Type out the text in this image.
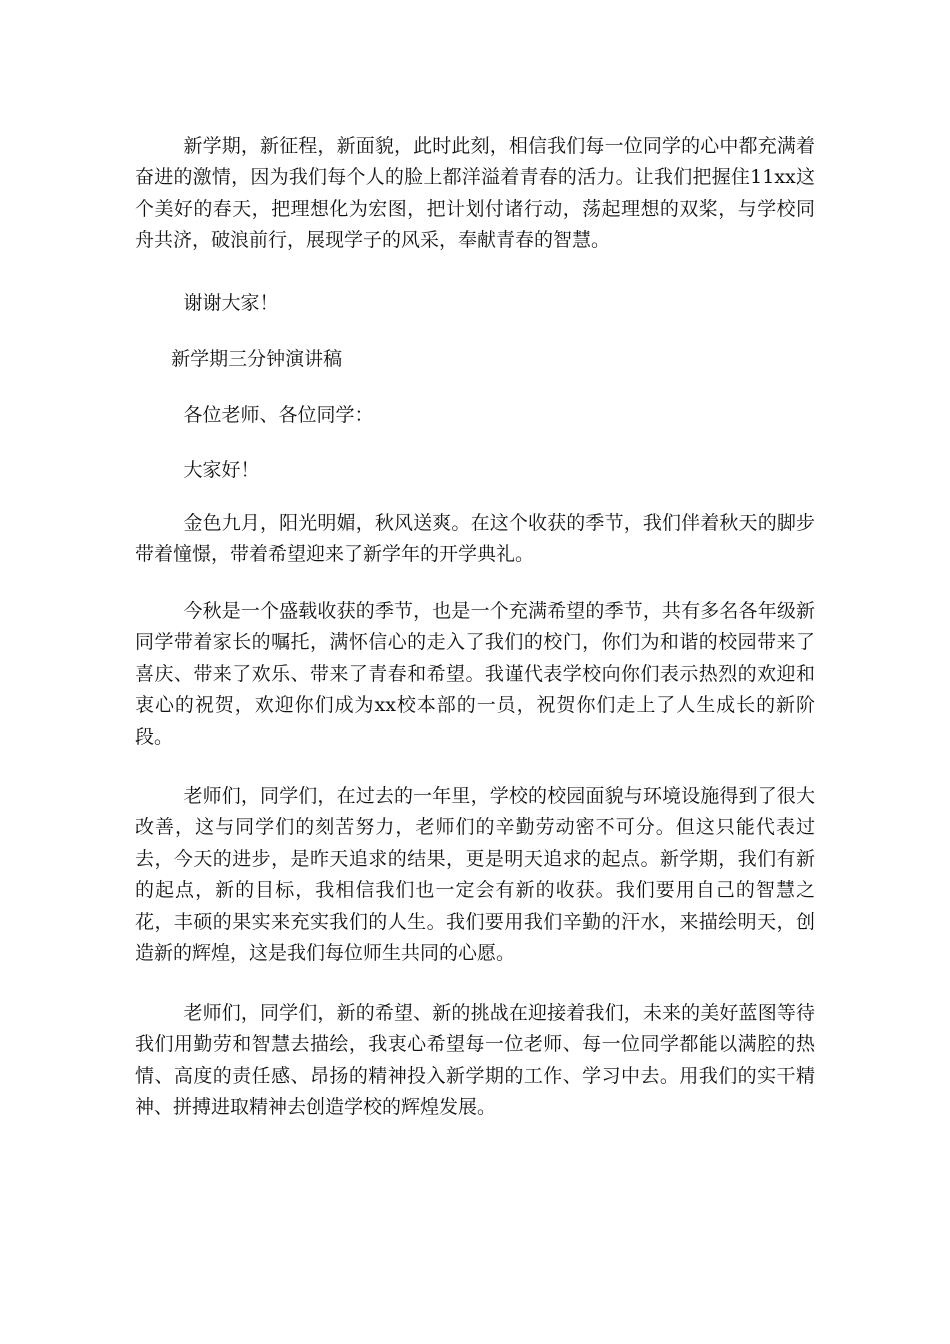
新学期，新征程，新面貌，此时此刻，相信我们每一位同学的心中都充满着奋进的激情，因为我们每个人的脸上都洋溢着青春的活力。让我们把握住11xx这个美好的春天，把理想化为宏图，把计划付诸行动，荡起理想的双桨，与学校同舟共济，破浪前行，展现学子的风采，奉献青春的智慧。

谢谢大家！

新学期三分钟演讲稿

各位老师、各位同学：

大家好！

金色九月，阳光明媚，秋风送爽。在这个收获的季节，我们伴着秋天的脚步带着憧憬，带着希望迎来了新学年的开学典礼。

今秋是一个盛载收获的季节，也是一个充满希望的季节，共有多名各年级新同学带着家长的嘱托，满怀信心的走入了我们的校门，你们为和谐的校园带来了喜庆、带来了欢乐、带来了青春和希望。我谨代表学校向你们表示热烈的欢迎和衷心的祝贺，欢迎你们成为xx校本部的一员，祝贺你们走上了人生成长的新阶段。

老师们，同学们，在过去的一年里，学校的校园面貌与环境设施得到了很大改善，这与同学们的刻苦努力，老师们的辛勤劳动密不可分。但这只能代表过去，今天的进步，是昨天追求的结果，更是明天追求的起点。新学期，我们有新的起点，新的目标，我相信我们也一定会有新的收获。我们要用自己的智慧之花，丰硕的果实来充实我们的人生。我们要用我们辛勤的汗水，来描绘明天，创造新的辉煌，这是我们每位师生共同的心愿。

老师们，同学们，新的希望、新的挑战在迎接着我们，未来的美好蓝图等待我们用勤劳和智慧去描绘，我衷心希望每一位老师、每一位同学都能以满腔的热情、高度的责任感、昂扬的精神投入新学期的工作、学习中去。用我们的实干精神、拼搏进取精神去创造学校的辉煌发展。
